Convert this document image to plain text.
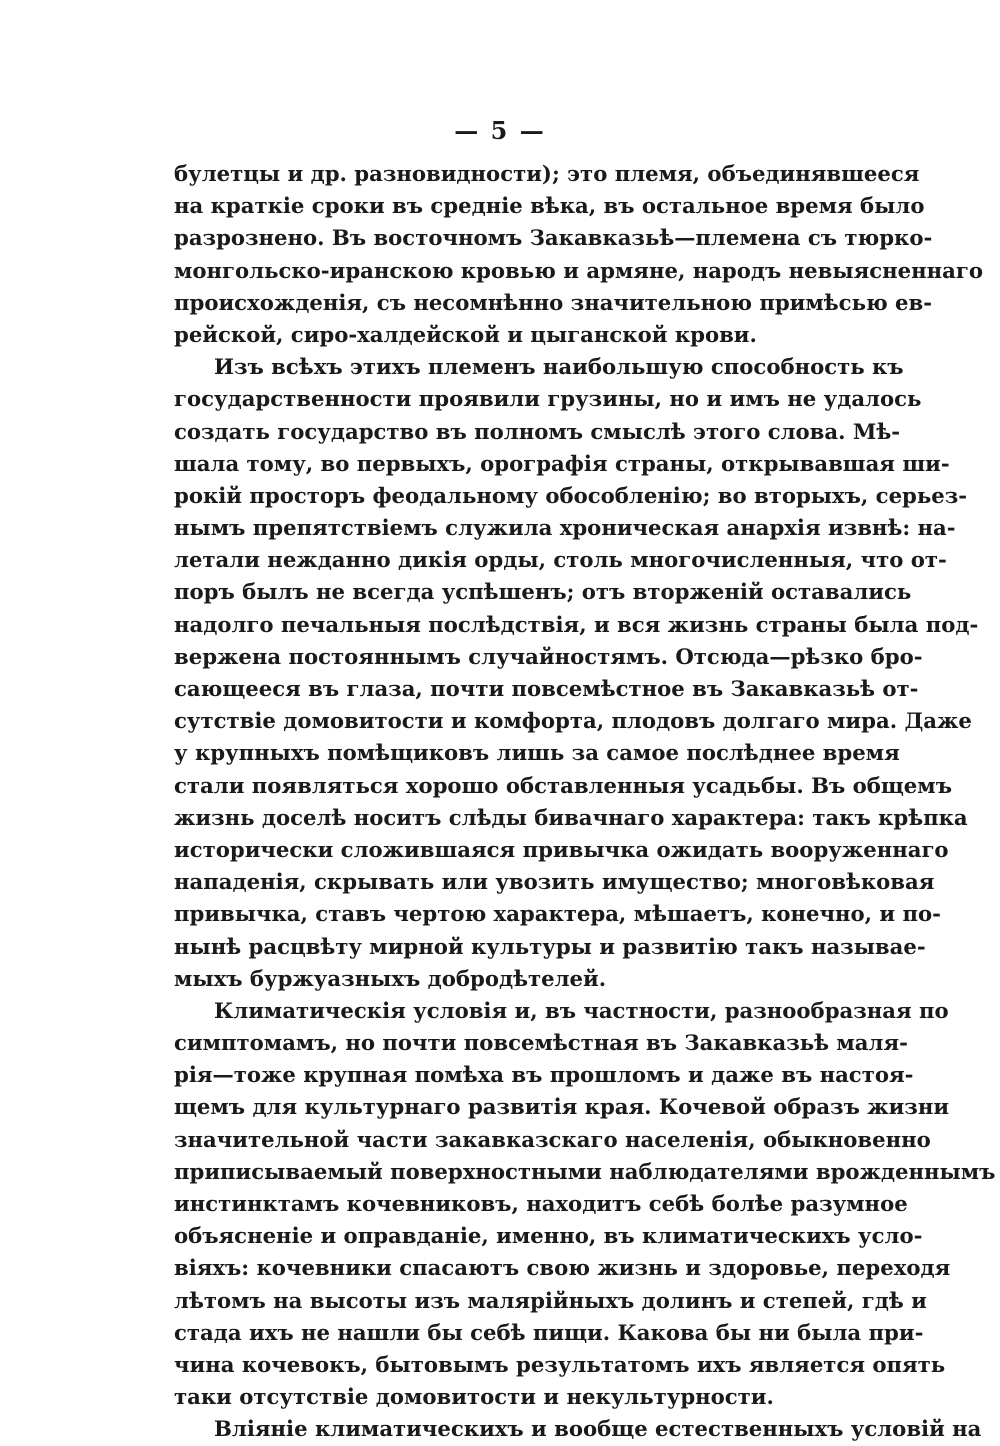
— 5 —
булетцы и др. разновидности); это племя, объединявшееся
на краткіе сроки въ средніе вѣка, въ остальное время было
разрознено. Въ восточномъ Закавказьѣ—племена съ тюрко-
монгольско-иранскою кровью и армяне, народъ невыясненнаго
происхожденія, съ несомнѣнно значительною примѣсью ев-
рейской, сиро-халдейской и цыганской крови.
Изъ всѣхъ этихъ племенъ наибольшую способность къ
государственности проявили грузины, но и имъ не удалось
создать государство въ полномъ смыслѣ этого слова. Мѣ-
шала тому, во первыхъ, орографія страны, открывавшая ши-
рокій просторъ феодальному обособленію; во вторыхъ, серьез-
нымъ препятствіемъ служила хроническая анархія извнѣ: на-
летали нежданно дикія орды, столь многочисленныя, что от-
поръ былъ не всегда успѣшенъ; отъ вторженій оставались
надолго печальныя послѣдствія, и вся жизнь страны была под-
вержена постояннымъ случайностямъ. Отсюда—рѣзко бро-
сающееся въ глаза, почти повсемѣстное въ Закавказьѣ от-
сутствіе домовитости и комфорта, плодовъ долгаго мира. Даже
у крупныхъ помѣщиковъ лишь за самое послѣднее время
стали появляться хорошо обставленныя усадьбы. Въ общемъ
жизнь доселѣ носитъ слѣды бивачнаго характера: такъ крѣпка
исторически сложившаяся привычка ожидать вооруженнаго
нападенія, скрывать или увозить имущество; многовѣковая
привычка, ставъ чертою характера, мѣшаетъ, конечно, и по-
нынѣ расцвѣту мирной культуры и развитію такъ называе-
мыхъ буржуазныхъ добродѣтелей.
Климатическія условія и, въ частности, разнообразная по
симптомамъ, но почти повсемѣстная въ Закавказьѣ маля-
рія—тоже крупная помѣха въ прошломъ и даже въ настоя-
щемъ для культурнаго развитія края. Кочевой образъ жизни
значительной части закавказскаго населенія, обыкновенно
приписываемый поверхностными наблюдателями врожденнымъ
инстинктамъ кочевниковъ, находитъ себѣ болѣе разумное
объясненіе и оправданіе, именно, въ климатическихъ усло-
віяхъ: кочевники спасаютъ свою жизнь и здоровье, переходя
лѣтомъ на высоты изъ малярійныхъ долинъ и степей, гдѣ и
стада ихъ не нашли бы себѣ пищи. Какова бы ни была при-
чина кочевокъ, бытовымъ результатомъ ихъ является опять
таки отсутствіе домовитости и некультурности.
Вліяніе климатическихъ и вообще естественныхъ условій на
